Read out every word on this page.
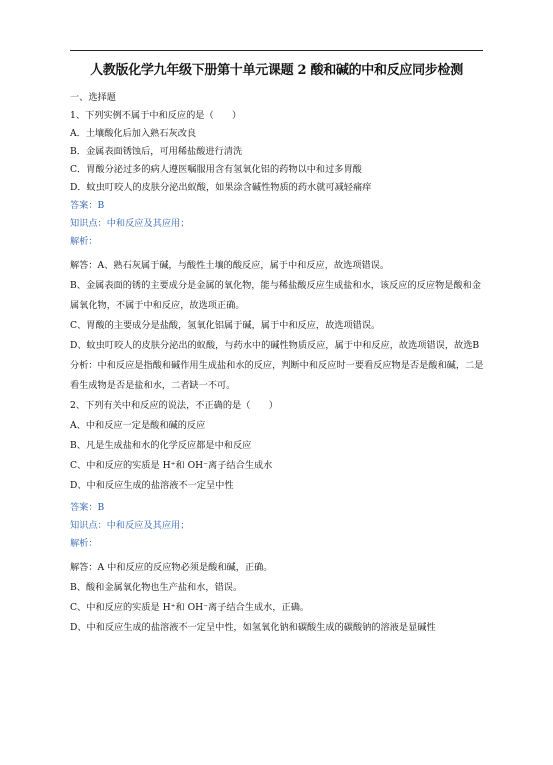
人教版化学九年级下册第十单元课题 2 酸和碱的中和反应同步检测
一、选择题
1、下列实例不属于中和反应的是（　　）
A．土壤酸化后加入熟石灰改良
B．金属表面锈蚀后，可用稀盐酸进行清洗
C．胃酸分泌过多的病人遵医嘱服用含有氢氧化铝的药物以中和过多胃酸
D．蚊虫叮咬人的皮肤分泌出蚁酸，如果涂含碱性物质的药水就可减轻痛痒
答案：B
知识点：中和反应及其应用；
解析：
解答：A、熟石灰属于碱，与酸性土壤的酸反应，属于中和反应，故选项错误。
B、金属表面的锈的主要成分是金属的氧化物，能与稀盐酸反应生成盐和水，该反应的反应物是酸和金属氧化物，不属于中和反应，故选项正确。
C、胃酸的主要成分是盐酸，氢氧化铝属于碱，属于中和反应，故选项错误。
D、蚊虫叮咬人的皮肤分泌出的蚁酸，与药水中的碱性物质反应，属于中和反应，故选项错误，故选B
分析：中和反应是指酸和碱作用生成盐和水的反应，判断中和反应时一要看反应物是否是酸和碱，二是看生成物是否是盐和水，二者缺一不可。
2、下列有关中和反应的说法，不正确的是（　　）
A、中和反应一定是酸和碱的反应
B、凡是生成盐和水的化学反应都是中和反应
C、中和反应的实质是 H⁺和 OH⁻离子结合生成水
D、中和反应生成的盐溶液不一定呈中性
答案：B
知识点：中和反应及其应用；
解析：
解答：A 中和反应的反应物必须是酸和碱，正确。
B、酸和金属氧化物也生产盐和水，错误。
C、中和反应的实质是 H⁺和 OH⁻离子结合生成水，正确。
D、中和反应生成的盐溶液不一定呈中性，如氢氧化钠和碳酸生成的碳酸钠的溶液是显碱性
